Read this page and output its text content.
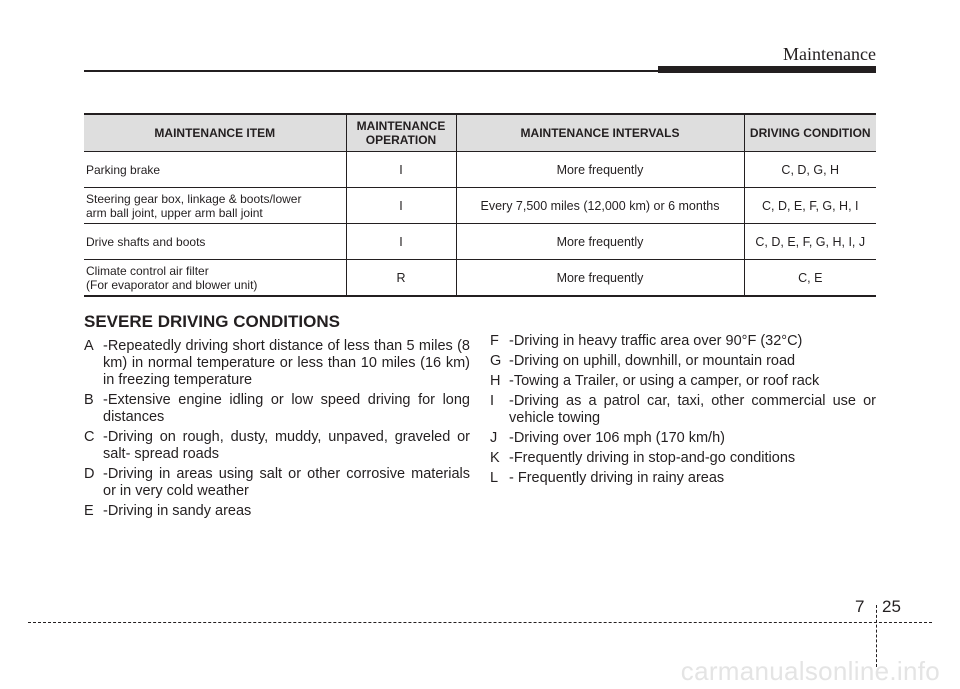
Maintenance
MAINTENANCE ITEM	MAINTENANCE OPERATION	MAINTENANCE INTERVALS	DRIVING CONDITION

Parking brake	I	More frequently	C, D, G, H

Steering gear box, linkage & boots/lower
arm ball joint, upper arm ball joint	I	Every 7,500 miles (12,000 km) or 6 months	C, D, E, F, G, H, I

Drive shafts and boots	I	More frequently	C, D, E, F, G, H, I, J

Climate control air filter
(For evaporator and blower unit)	R	More frequently	C, E
SEVERE DRIVING CONDITIONS
A -Repeatedly driving short distance of less than 5 miles (8 km) in normal temperature or less than 10 miles (16 km) in freezing temperature
B -Extensive engine idling or low speed driving for long distances
C -Driving on rough, dusty, muddy, unpaved, graveled or salt- spread roads
D -Driving in areas using salt or other corrosive materials or in very cold weather
E -Driving in sandy areas
F -Driving in heavy traffic area over 90°F (32°C)
G -Driving on uphill, downhill, or mountain road
H -Towing a Trailer, or using a camper, or roof rack
I -Driving as a patrol car, taxi, other commercial use or vehicle towing
J -Driving over 106 mph (170 km/h)
K -Frequently driving in stop-and-go conditions
L - Frequently driving in rainy areas
7 25
carmanualsonline.info
